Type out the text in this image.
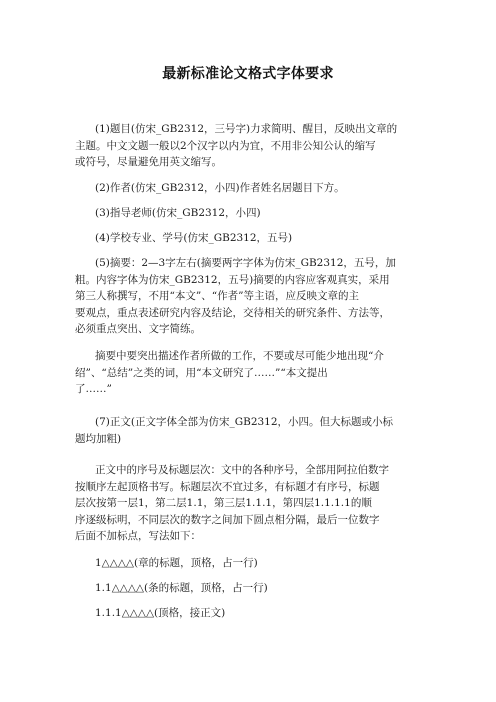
最新标准论文格式字体要求
(1)题目(仿宋_GB2312，三号字)力求简明、醒目，反映出文章的
主题。中文文题一般以2个汉字以内为宜，不用非公知公认的缩写
或符号，尽量避免用英文缩写。
(2)作者(仿宋_GB2312，小四)作者姓名居题目下方。
(3)指导老师(仿宋_GB2312，小四)
(4)学校专业、学号(仿宋_GB2312，五号)
(5)摘要：2—3字左右(摘要两字字体为仿宋_GB2312，五号，加
粗。内容字体为仿宋_GB2312，五号)摘要的内容应客观真实，采用
第三人称撰写，不用“本文”、“作者”等主语，应反映文章的主
要观点，重点表述研究内容及结论，交待相关的研究条件、方法等，
必须重点突出、文字简练。
摘要中要突出描述作者所做的工作，不要或尽可能少地出现“介
绍”、“总结”之类的词，用“本文研究了……”“本文提出
了……”
(7)正文(正文字体全部为仿宋_GB2312，小四。但大标题或小标
题均加粗)
正文中的序号及标题层次：文中的各种序号，全部用阿拉伯数字
按顺序左起顶格书写。标题层次不宜过多，有标题才有序号，标题
层次按第一层1，第二层1.1，第三层1.1.1，第四层1.1.1.1的顺
序逐级标明，不同层次的数字之间加下圆点相分隔，最后一位数字
后面不加标点，写法如下：
1△△△△(章的标题，顶格，占一行)
1.1△△△△(条的标题，顶格，占一行)
1.1.1△△△△(顶格，接正文)
